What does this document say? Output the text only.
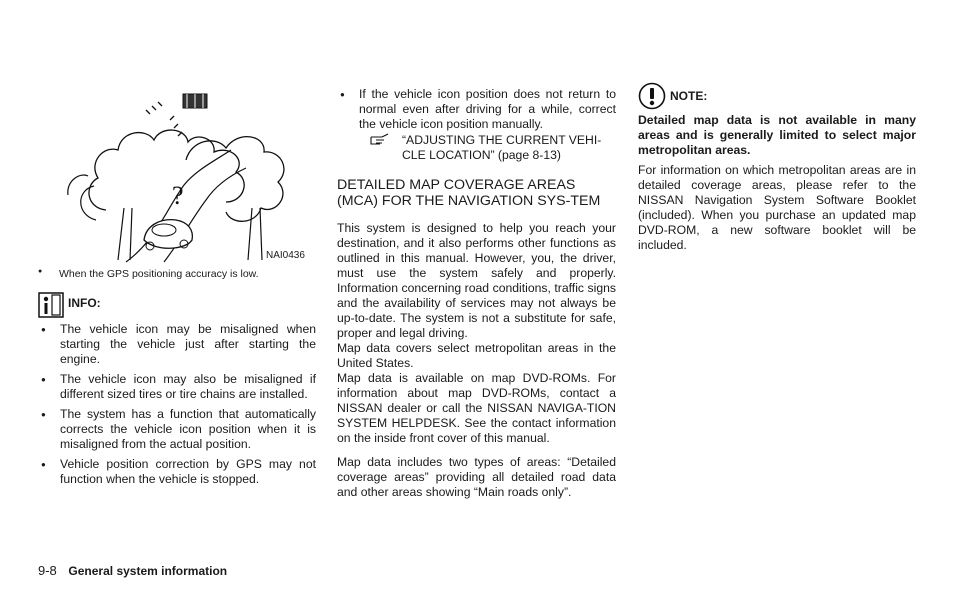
?
NAI0436
● When the GPS positioning accuracy is low.
INFO:
● The vehicle icon may be misaligned when starting the vehicle just after starting the engine.
● The vehicle icon may also be misaligned if different sized tires or tire chains are installed.
● The system has a function that automatically corrects the vehicle icon position when it is misaligned from the actual position.
● Vehicle position correction by GPS may not function when the vehicle is stopped.
● If the vehicle icon position does not return to normal even after driving for a while, correct the vehicle icon position manually.
“ADJUSTING THE CURRENT VEHI-CLE LOCATION” (page 8-13)
DETAILED MAP COVERAGE AREAS (MCA) FOR THE NAVIGATION SYS-TEM

This system is designed to help you reach your destination, and it also performs other functions as outlined in this manual. However, you, the driver, must use the system safely and properly. Information concerning road conditions, traffic signs and the availability of services may not always be up-to-date. The system is not a substitute for safe, proper and legal driving.

Map data covers select metropolitan areas in the United States.

Map data is available on map DVD-ROMs. For information about map DVD-ROMs, contact a NISSAN dealer or call the NISSAN NAVIGA-TION SYSTEM HELPDESK. See the contact information on the inside front cover of this manual.

Map data includes two types of areas: “Detailed coverage areas” providing all detailed road data and other areas showing “Main roads only”.

NOTE:

Detailed map data is not available in many areas and is generally limited to select major metropolitan areas.

For information on which metropolitan areas are in detailed coverage areas, please refer to the NISSAN Navigation System Software Booklet (included). When you purchase an updated map DVD-ROM, a new software booklet will be included.

9-8 General system information
